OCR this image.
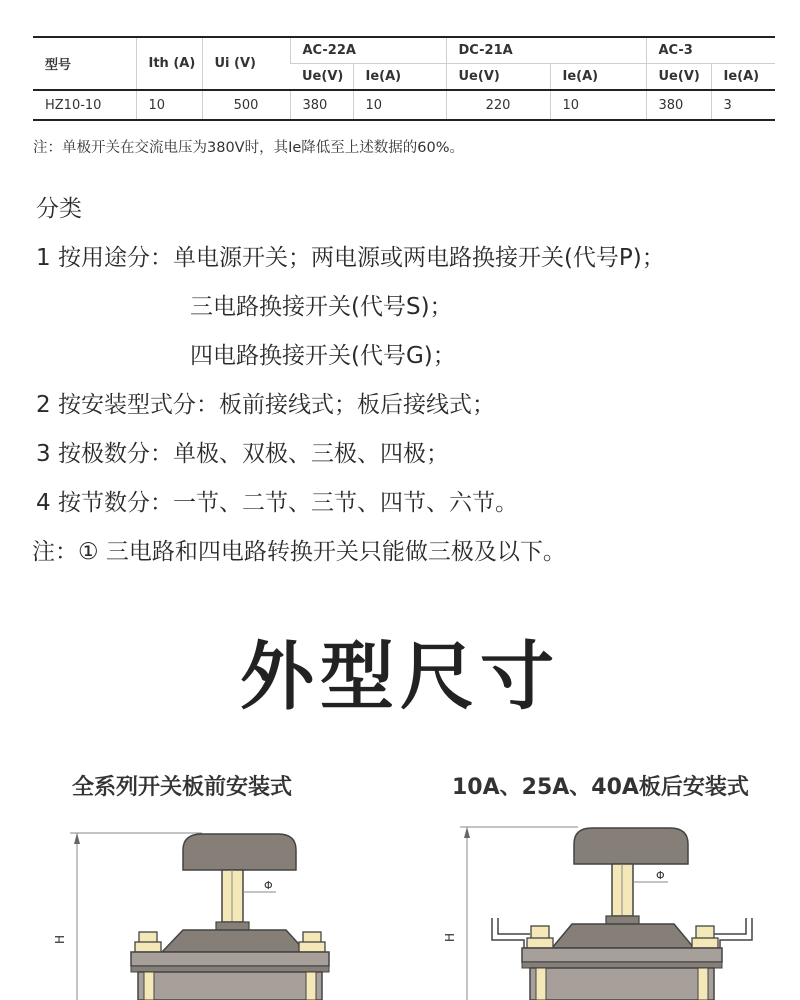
型号	Ith (A)	Ui (V)	AC-22A		DC-21A		AC-3	
			Ue(V)	Ie(A)	Ue(V)	Ie(A)	Ue(V)	Ie(A)
HZ10-10	10	500	380	10	220	10	380	3
注：单极开关在交流电压为380V时，其Ie降低至上述数据的60%。
分类
1 按用途分：单电源开关；两电源或两电路换接开关(代号P)；
三电路换接开关(代号S)；
四电路换接开关(代号G)；
2 按安装型式分：板前接线式；板后接线式；
3 按极数分：单极、双极、三极、四极；
4 按节数分：一节、二节、三节、四节、六节。
注：① 三电路和四电路转换开关只能做三极及以下。
外型尺寸
全系列开关板前安装式	10A、25A、40A板后安装式
H
Φ
H
Φ
